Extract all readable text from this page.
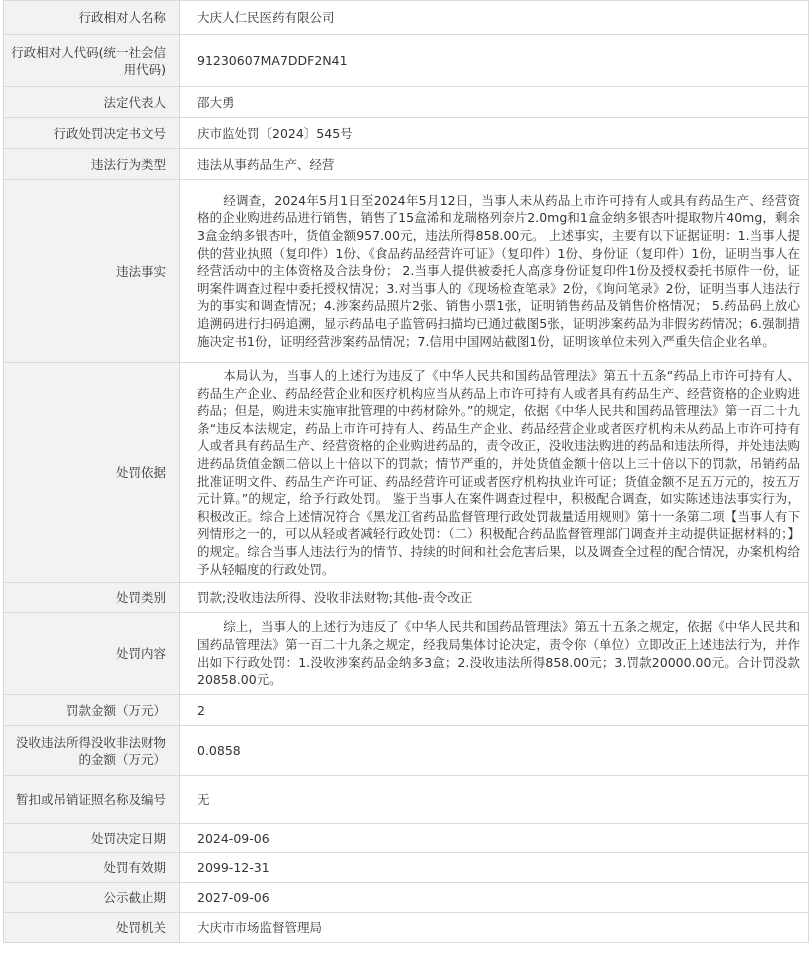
行政相对人名称	大庆人仁民医药有限公司
行政相对人代码(统一社会信用代码)	91230607MA7DDF2N41
法定代表人	邵大勇
行政处罚决定书文号	庆市监处罚〔2024〕545号
违法行为类型	违法从事药品生产、经营
违法事实	经调查，2024年5月1日至2024年5月12日，当事人未从药品上市许可持有人或具有药品生产、经营资格的企业购进药品进行销售，销售了15盒浠和龙瑞格列奈片2.0mg和1盒金纳多银杏叶提取物片40mg，剩余3盒金纳多银杏叶，货值金额957.00元，违法所得858.00元。 上述事实，主要有以下证据证明：1.当事人提供的营业执照（复印件）1份、《食品药品经营许可证》（复印件）1份、身份证（复印件）1份，证明当事人在经营活动中的主体资格及合法身份； 2.当事人提供被委托人高彦身份证复印件1份及授权委托书原件一份，证明案件调查过程中委托授权情况；3.对当事人的《现场检查笔录》2份，《询问笔录》2份，证明当事人违法行为的事实和调查情况；4.涉案药品照片2张、销售小票1张，证明销售药品及销售价格情况； 5.药品码上放心追溯码进行扫码追溯，显示药品电子监管码扫描均已通过截图5张，证明涉案药品为非假劣药情况；6.强制措施决定书1份，证明经营涉案药品情况；7.信用中国网站截图1份，证明该单位未列入严重失信企业名单。

处罚依据	本局认为，当事人的上述行为违反了《中华人民共和国药品管理法》第五十五条“药品上市许可持有人、药品生产企业、药品经营企业和医疗机构应当从药品上市许可持有人或者具有药品生产、经营资格的企业购进药品；但是，购进未实施审批管理的中药材除外。”的规定，依据《中华人民共和国药品管理法》第一百二十九条“违反本法规定，药品上市许可持有人、药品生产企业、药品经营企业或者医疗机构未从药品上市许可持有人或者具有药品生产、经营资格的企业购进药品的，责令改正，没收违法购进的药品和违法所得，并处违法购进药品货值金额二倍以上十倍以下的罚款；情节严重的，并处货值金额十倍以上三十倍以下的罚款，吊销药品批准证明文件、药品生产许可证、药品经营许可证或者医疗机构执业许可证；货值金额不足五万元的，按五万元计算。”的规定，给予行政处罚。 鉴于当事人在案件调查过程中，积极配合调查，如实陈述违法事实行为，积极改正。综合上述情况符合《黑龙江省药品监督管理行政处罚裁量适用规则》第十一条第二项【当事人有下列情形之一的，可以从轻或者减轻行政处罚：（二）积极配合药品监督管理部门调查并主动提供证据材料的；】的规定。综合当事人违法行为的情节、持续的时间和社会危害后果，以及调查全过程的配合情况，办案机构给予从轻幅度的行政处罚。

处罚类别	罚款;没收违法所得、没收非法财物;其他-责令改正
处罚内容	综上，当事人的上述行为违反了《中华人民共和国药品管理法》第五十五条之规定，依据《中华人民共和国药品管理法》第一百二十九条之规定，经我局集体讨论决定，责令你（单位）立即改正上述违法行为，并作出如下行政处罚：1.没收涉案药品金纳多3盒；2.没收违法所得858.00元；3.罚款20000.00元。合计罚没款20858.00元。

罚款金额（万元）	2
没收违法所得没收非法财物的金额（万元）	0.0858
暂扣或吊销证照名称及编号	无
处罚决定日期	2024-09-06
处罚有效期	2099-12-31
公示截止期	2027-09-06
处罚机关	大庆市市场监督管理局
